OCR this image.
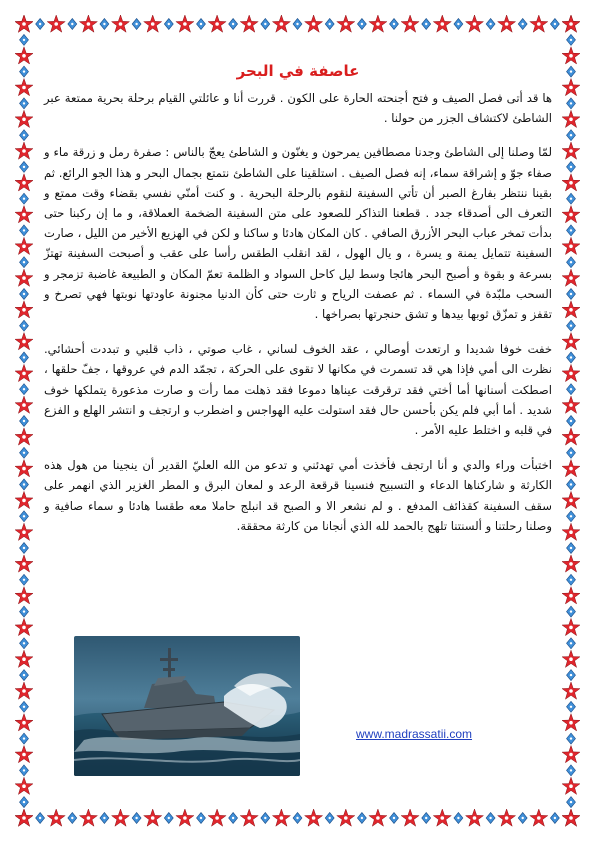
عاصفة في البحر

ها قد أتى فصل الصيف و فتح أجنحته الحارة على الكون . قررت أنا و عائلتي القيام برحلة بحرية ممتعة عبر الشاطئ لاكتشاف الجزر من حولنا .

لمّا وصلنا إلى الشاطئ وجدنا مصطافين يمرحون و يغنّون و الشاطئ يعجّ بالناس : صفرة رمل و زرقة ماء و صفاء جوّ و إشراقة سماء، إنه فصل الصيف . استلقينا على الشاطئ نتمتع بجمال البحر و هذا الجو الرائع. ثم بقينا ننتظر بفارغ الصبر أن تأتي السفينة لنقوم بالرحلة البحرية . و كنت أمنّي نفسي بقضاء وقت ممتع و التعرف الى أصدقاء جدد . قطعنا التذاكر للصعود على متن السفينة الضخمة العملاقة، و ما إن ركبنا حتى بدأت تمخر عباب البحر الأزرق الصافي . كان المكان هادئا و ساكنا و لكن في الهزيع الأخير من الليل ، صارت السفينة تتمايل يمنة و يسرة ، و يال الهول ، لقد انقلب الطقس رأسا على عقب و أصبحت السفينة تهتزّ بسرعة و بقوة و أصبح البحر هائجا وسط ليل كاحل السواد و الظلمة تعمّ المكان و الطبيعة غاضبة تزمجر و السحب ملبّدة في السماء . ثم عصفت الرياح و ثارت حتى كأن الدنيا مجنونة عاودتها نوبتها فهي تصرخ و تقفز و تمزّق ثوبها بيدها و تشق حنجرتها بصراخها .

خفت خوفا شديدا و ارتعدت أوصالي ، عقد الخوف لساني ، غاب صوتي ، ذاب قلبي و تبددت أحشائي. نظرت الى أمي فإذا هي قد تسمرت في مكانها لا تقوى على الحركة ، تجمّد الدم في عروقها ، جفّ حلقها ، اصطكت أسنانها أما أختي فقد ترقرقت عيناها دموعا فقد ذهلت مما رأت و صارت مذعورة يتملكها خوف شديد . أما أبي فلم يكن بأحسن حال فقد استولت عليه الهواجس و اضطرب و ارتجف و انتشر الهلع و الفزع في قلبه و اختلط عليه الأمر .

اختبأت وراء والدي و أنا ارتجف فأخذت أمي تهدئني و تدعو من الله العليّ القدير أن ينجينا من هول هذه الكارثة و شاركناها الدعاء و التسبيح فنسينا قرقعة الرعد و لمعان البرق و المطر الغزير الذي انهمر على سقف السفينة كقذائف المدفع . و لم نشعر الا و الصبح قد انبلج حاملا معه طقسا هادئا و سماء صافية و وصلنا رحلتنا و ألسنتنا تلهج بالحمد لله الذي أنجانا من كارثة محققة.

www.madrassatii.com
